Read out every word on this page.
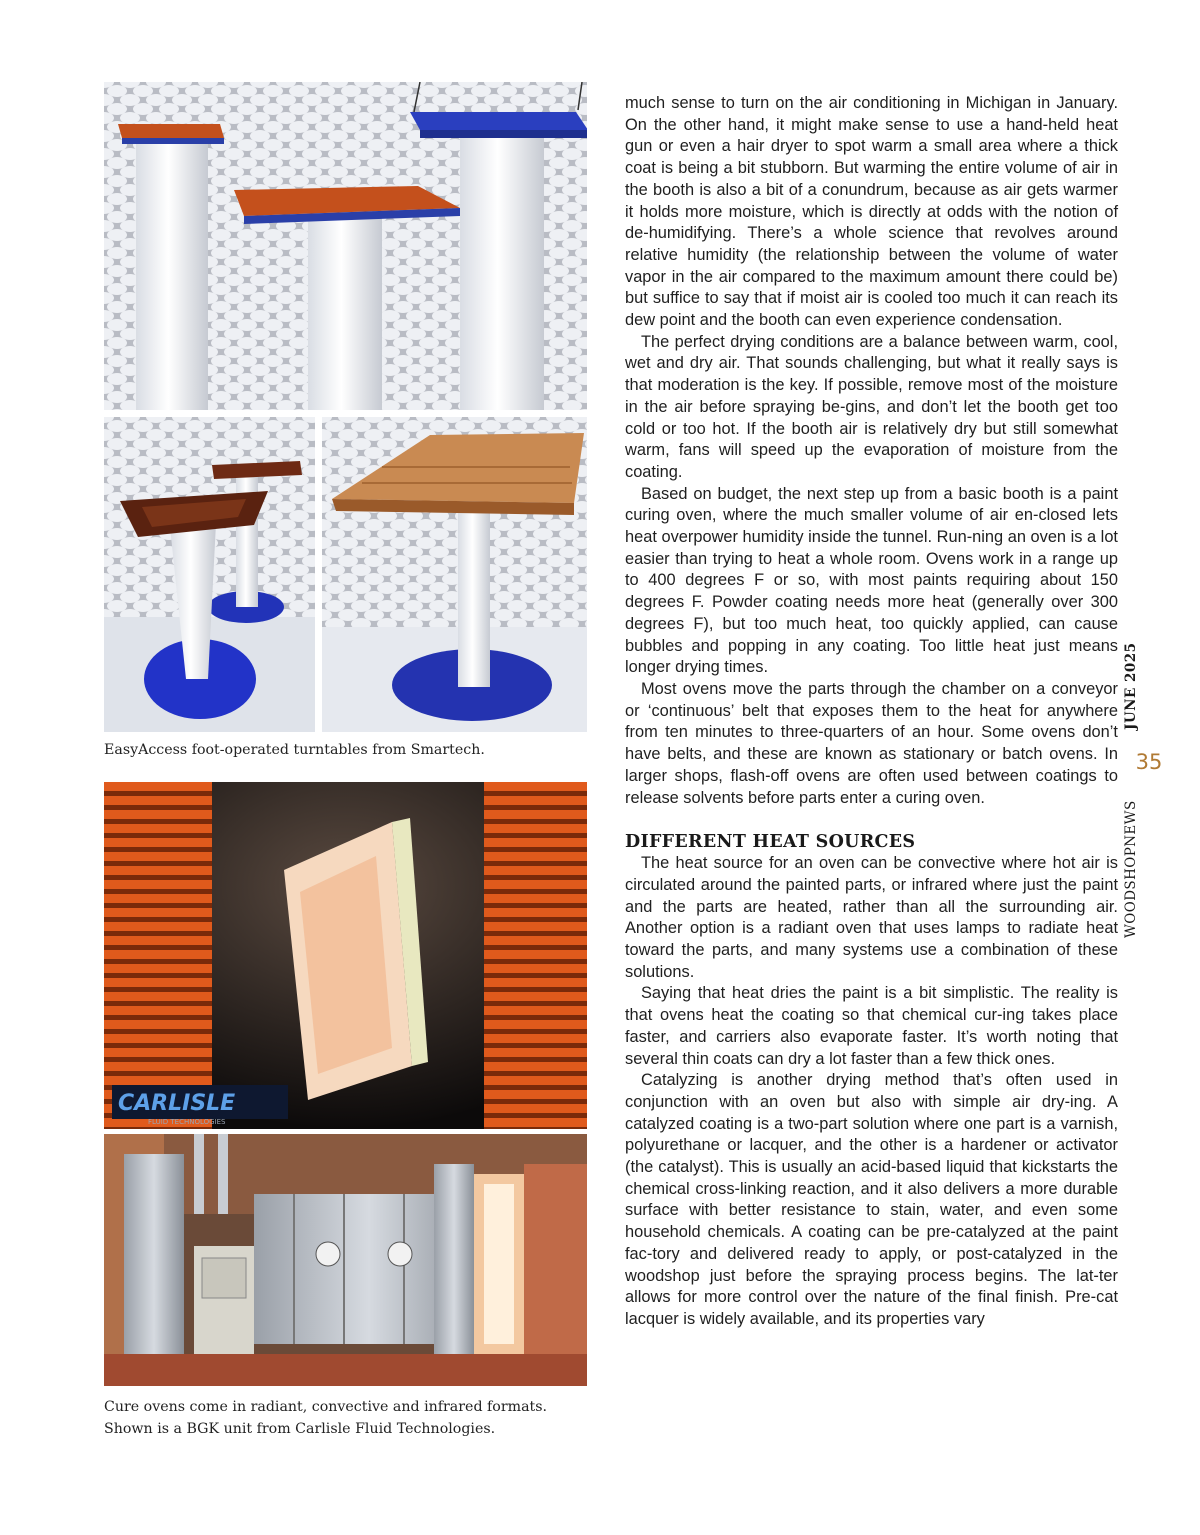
EasyAccess foot-operated turntables from Smartech.
CARLISLE
FLUID TECHNOLOGIES
Cure ovens come in radiant, convective and infrared formats. Shown is a BGK unit from Carlisle Fluid Technologies.

much sense to turn on the air conditioning in Michigan in January. On the other hand, it might make sense to use a hand-held heat gun or even a hair dryer to spot warm a small area where a thick coat is being a bit stubborn. But warming the entire volume of air in the booth is also a bit of a conundrum, because as air gets warmer it holds more moisture, which is directly at odds with the notion of de-humidifying. There’s a whole science that revolves around relative humidity (the relationship between the volume of water vapor in the air compared to the maximum amount there could be) but suffice to say that if moist air is cooled too much it can reach its dew point and the booth can even experience condensation.

The perfect drying conditions are a balance between warm, cool, wet and dry air. That sounds challenging, but what it really says is that moderation is the key. If possible, remove most of the moisture in the air before spraying be-gins, and don’t let the booth get too cold or too hot. If the booth air is relatively dry but still somewhat warm, fans will speed up the evaporation of moisture from the coating.

Based on budget, the next step up from a basic booth is a paint curing oven, where the much smaller volume of air en-closed lets heat overpower humidity inside the tunnel. Run-ning an oven is a lot easier than trying to heat a whole room. Ovens work in a range up to 400 degrees F or so, with most paints requiring about 150 degrees F. Powder coating needs more heat (generally over 300 degrees F), but too much heat, too quickly applied, can cause bubbles and popping in any coating. Too little heat just means longer drying times.

Most ovens move the parts through the chamber on a conveyor or ‘continuous’ belt that exposes them to the heat for anywhere from ten minutes to three-quarters of an hour. Some ovens don’t have belts, and these are known as stationary or batch ovens. In larger shops, flash-off ovens are often used between coatings to release solvents before parts enter a curing oven.

DIFFERENT HEAT SOURCES

The heat source for an oven can be convective where hot air is circulated around the painted parts, or infrared where just the paint and the parts are heated, rather than all the surrounding air. Another option is a radiant oven that uses lamps to radiate heat toward the parts, and many systems use a combination of these solutions.

Saying that heat dries the paint is a bit simplistic. The reality is that ovens heat the coating so that chemical cur-ing takes place faster, and carriers also evaporate faster. It’s worth noting that several thin coats can dry a lot faster than a few thick ones.

Catalyzing is another drying method that’s often used in conjunction with an oven but also with simple air dry-ing. A catalyzed coating is a two-part solution where one part is a varnish, polyurethane or lacquer, and the other is a hardener or activator (the catalyst). This is usually an acid-based liquid that kickstarts the chemical cross-linking reaction, and it also delivers a more durable surface with better resistance to stain, water, and even some household chemicals. A coating can be pre-catalyzed at the paint fac-tory and delivered ready to apply, or post-catalyzed in the woodshop just before the spraying process begins. The lat-ter allows for more control over the nature of the final finish. Pre-cat lacquer is widely available, and its properties vary

JUNE 2025
35
WOODSHOPNEWS
